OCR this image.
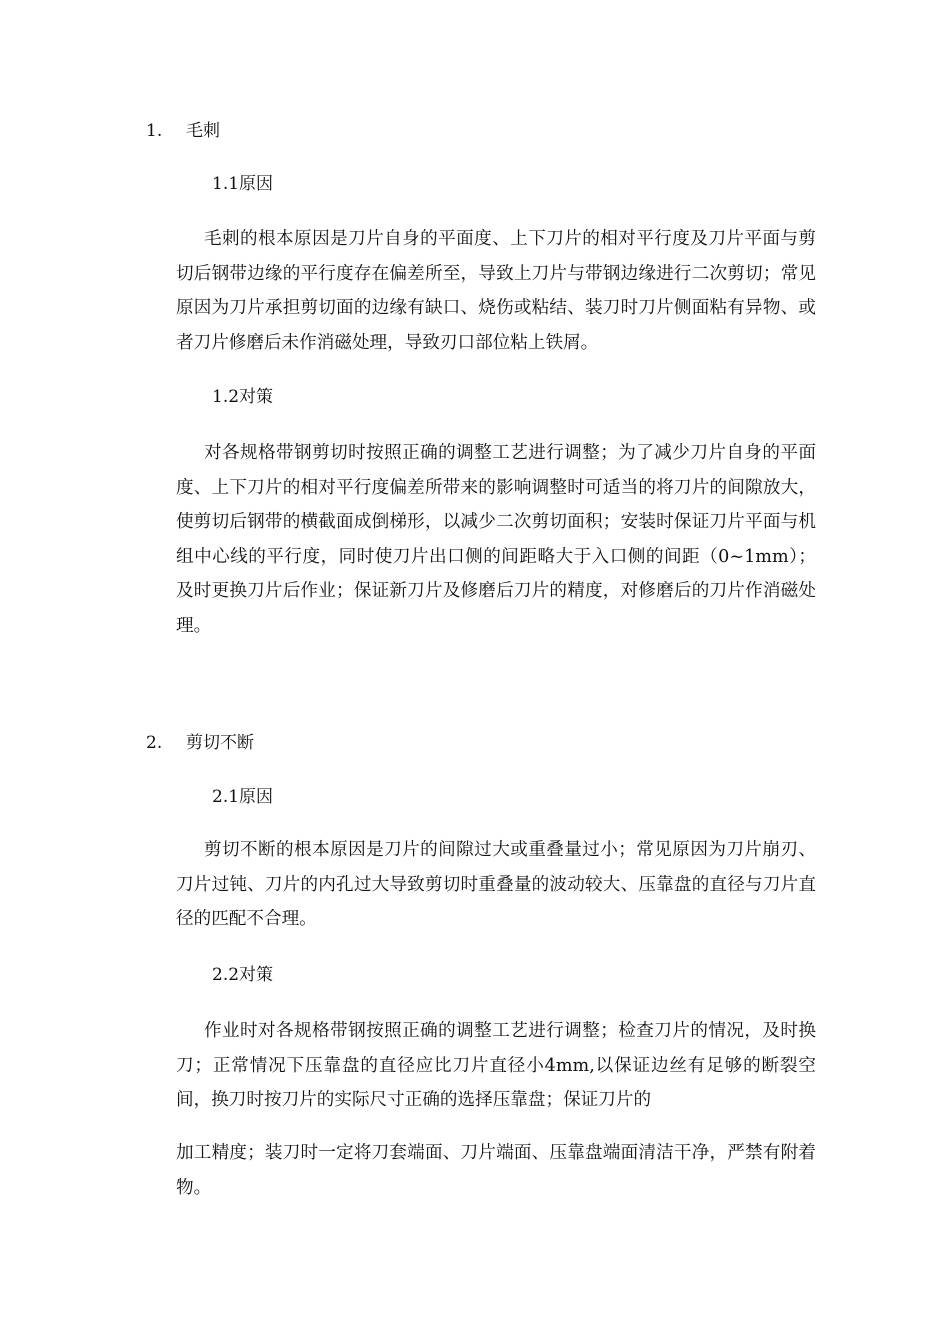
1. 毛刺
1.1原因

毛刺的根本原因是刀片自身的平面度、上下刀片的相对平行度及刀片平面与剪切后钢带边缘的平行度存在偏差所至，导致上刀片与带钢边缘进行二次剪切；常见原因为刀片承担剪切面的边缘有缺口、烧伤或粘结、装刀时刀片侧面粘有异物、或者刀片修磨后未作消磁处理，导致刃口部位粘上铁屑。

1.2对策

对各规格带钢剪切时按照正确的调整工艺进行调整；为了减少刀片自身的平面度、上下刀片的相对平行度偏差所带来的影响调整时可适当的将刀片的间隙放大，使剪切后钢带的横截面成倒梯形，以减少二次剪切面积；安装时保证刀片平面与机组中心线的平行度，同时使刀片出口侧的间距略大于入口侧的间距（0~1mm）；及时更换刀片后作业；保证新刀片及修磨后刀片的精度，对修磨后的刀片作消磁处理。

2. 剪切不断
2.1原因

剪切不断的根本原因是刀片的间隙过大或重叠量过小；常见原因为刀片崩刃、刀片过钝、刀片的内孔过大导致剪切时重叠量的波动较大、压靠盘的直径与刀片直径的匹配不合理。

2.2对策

作业时对各规格带钢按照正确的调整工艺进行调整；检查刀片的情况，及时换刀；正常情况下压靠盘的直径应比刀片直径小4mm,以保证边丝有足够的断裂空间，换刀时按刀片的实际尺寸正确的选择压靠盘；保证刀片的

加工精度；装刀时一定将刀套端面、刀片端面、压靠盘端面清洁干净，严禁有附着物。
